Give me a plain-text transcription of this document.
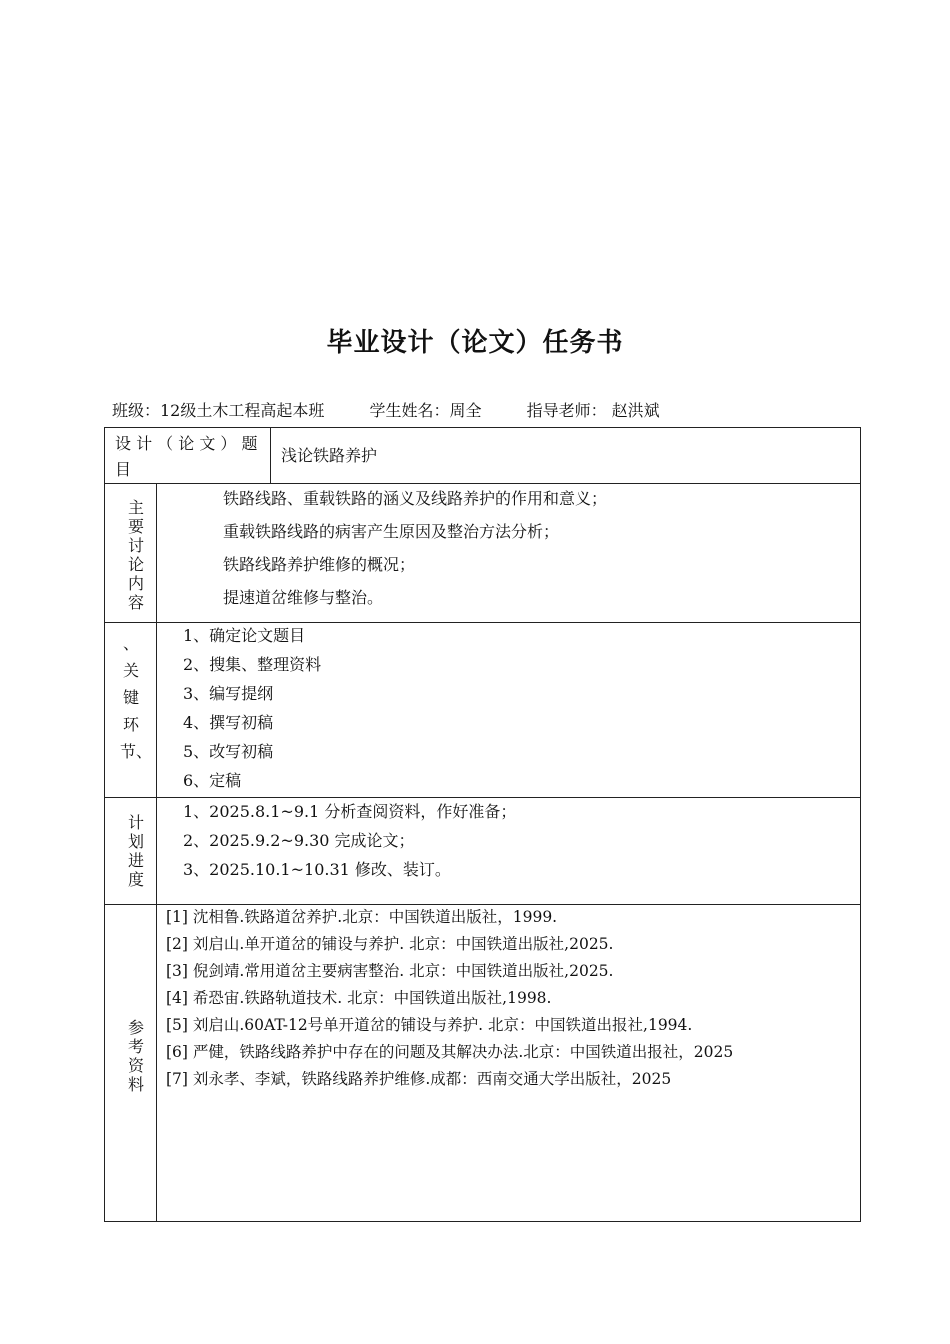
毕业设计（论文）任务书
班级：12级土木工程高起本班	学生姓名：周全	指导老师： 赵洪斌
设 计 （ 论 文 ） 题
目
浅论铁路养护
主要讨论内容
铁路线路、重载铁路的涵义及线路养护的作用和意义；
重载铁路线路的病害产生原因及整治方法分析；
铁路线路养护维修的概况；
提速道岔维修与整治。
、关键环节、
1、确定论文题目
2、搜集、整理资料
3、编写提纲
4、撰写初稿
5、改写初稿
6、定稿
计划进度
1、2025.8.1~9.1 分析查阅资料，作好准备；
2、2025.9.2~9.30 完成论文；
3、2025.10.1~10.31 修改、装订。
参考资料
[1] 沈相鲁.铁路道岔养护.北京：中国铁道出版社，1999.
[2] 刘启山.单开道岔的铺设与养护. 北京：中国铁道出版社,2025.
[3] 倪剑靖.常用道岔主要病害整治. 北京：中国铁道出版社,2025.
[4] 希恐宙.铁路轨道技术. 北京：中国铁道出版社,1998.
[5] 刘启山.60AT-12号单开道岔的铺设与养护. 北京：中国铁道出报社,1994.
[6] 严健，铁路线路养护中存在的问题及其解决办法.北京：中国铁道出报社，2025
[7] 刘永孝、李斌，铁路线路养护维修.成都：西南交通大学出版社，2025
